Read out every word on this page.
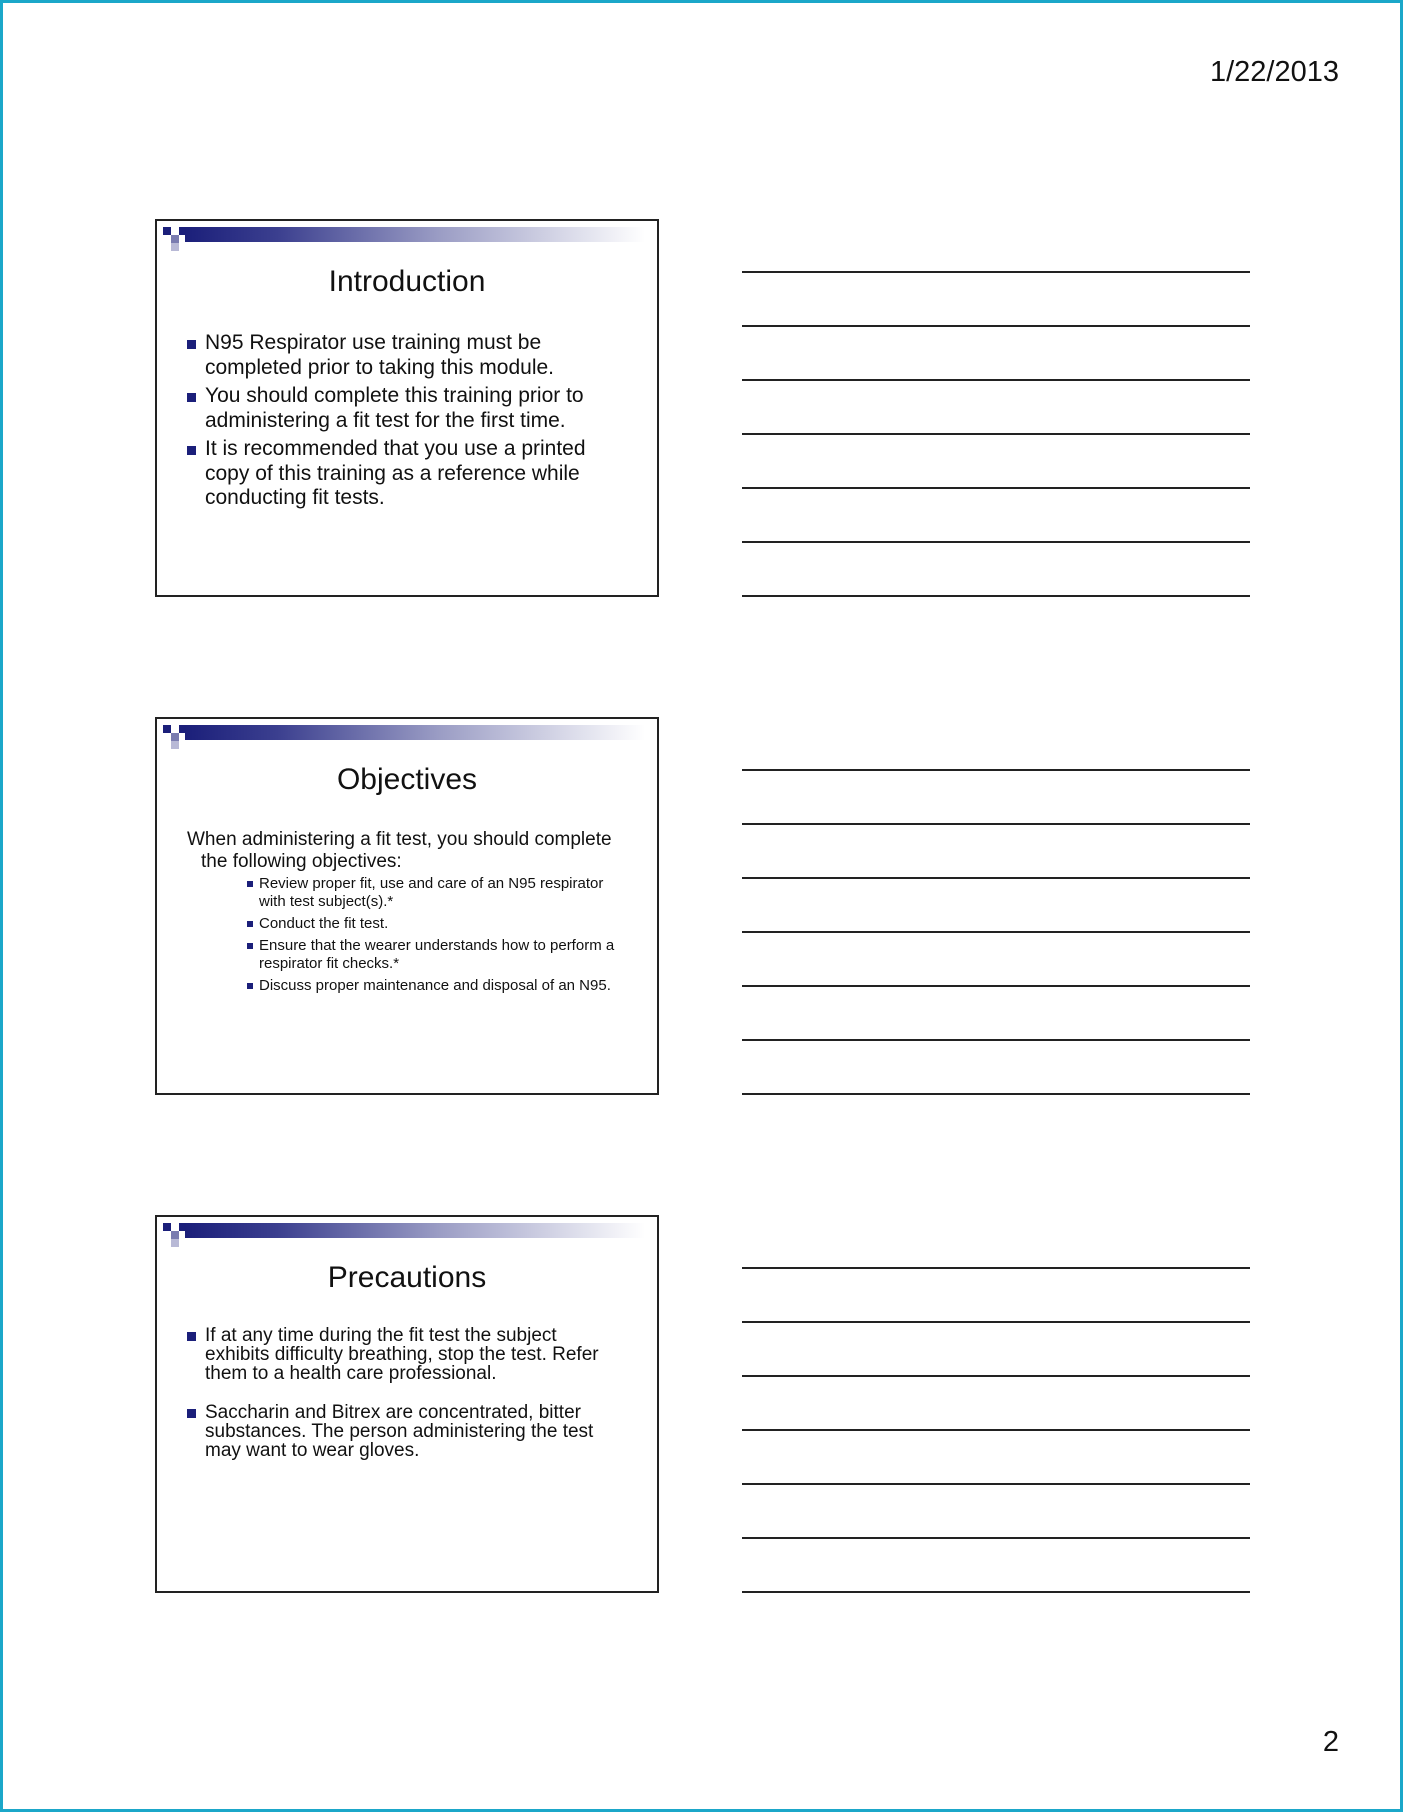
1/22/2013
Introduction
N95 Respirator use training must be completed prior to taking this module.
You should complete this training prior to administering a fit test for the first time.
It is recommended that you use a printed copy of this training as a reference while conducting fit tests.
Objectives
When administering a fit test, you should complete the following objectives:
Review proper fit, use and care of an N95 respirator with test subject(s).*
Conduct the fit test.
Ensure that the wearer understands how to perform a respirator fit checks.*
Discuss proper maintenance and disposal of an N95.
Precautions
If at any time during the fit test the subject exhibits difficulty breathing, stop the test. Refer them to a health care professional.
Saccharin and Bitrex are concentrated, bitter substances. The person administering the test may want to wear gloves.
2
